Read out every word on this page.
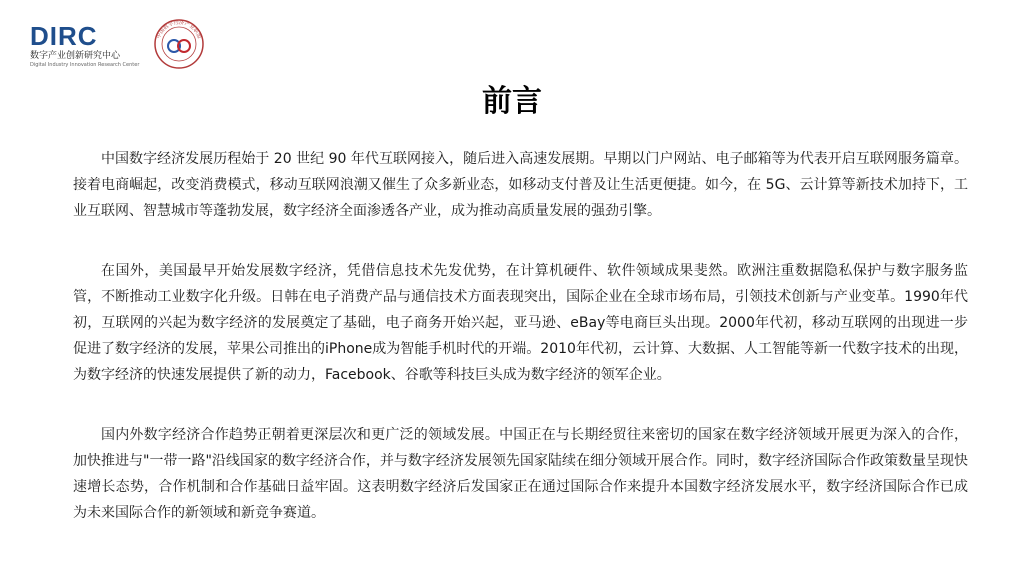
DIRC
数字产业创新研究中心
Digital Industry Innovation Research Center
中国数字经济产业联盟
前言

中国数字经济发展历程始于 20 世纪 90 年代互联网接入，随后进入高速发展期。早期以门户网站、电子邮箱等为代表开启互联网服务篇章。接着电商崛起，改变消费模式，移动互联网浪潮又催生了众多新业态，如移动支付普及让生活更便捷。如今，在 5G、云计算等新技术加持下，工业互联网、智慧城市等蓬勃发展，数字经济全面渗透各产业，成为推动高质量发展的强劲引擎。

在国外，美国最早开始发展数字经济，凭借信息技术先发优势，在计算机硬件、软件领域成果斐然。欧洲注重数据隐私保护与数字服务监管，不断推动工业数字化升级。日韩在电子消费产品与通信技术方面表现突出，国际企业在全球市场布局，引领技术创新与产业变革。1990年代初，互联网的兴起为数字经济的发展奠定了基础，电子商务开始兴起，亚马逊、eBay等电商巨头出现。2000年代初，移动互联网的出现进一步促进了数字经济的发展，苹果公司推出的iPhone成为智能手机时代的开端。2010年代初，云计算、大数据、人工智能等新一代数字技术的出现，为数字经济的快速发展提供了新的动力，Facebook、谷歌等科技巨头成为数字经济的领军企业。

国内外数字经济合作趋势正朝着更深层次和更广泛的领域发展。中国正在与长期经贸往来密切的国家在数字经济领域开展更为深入的合作，加快推进与"一带一路"沿线国家的数字经济合作，并与数字经济发展领先国家陆续在细分领域开展合作。同时，数字经济国际合作政策数量呈现快速增长态势，合作机制和合作基础日益牢固。这表明数字经济后发国家正在通过国际合作来提升本国数字经济发展水平，数字经济国际合作已成为未来国际合作的新领域和新竞争赛道。
